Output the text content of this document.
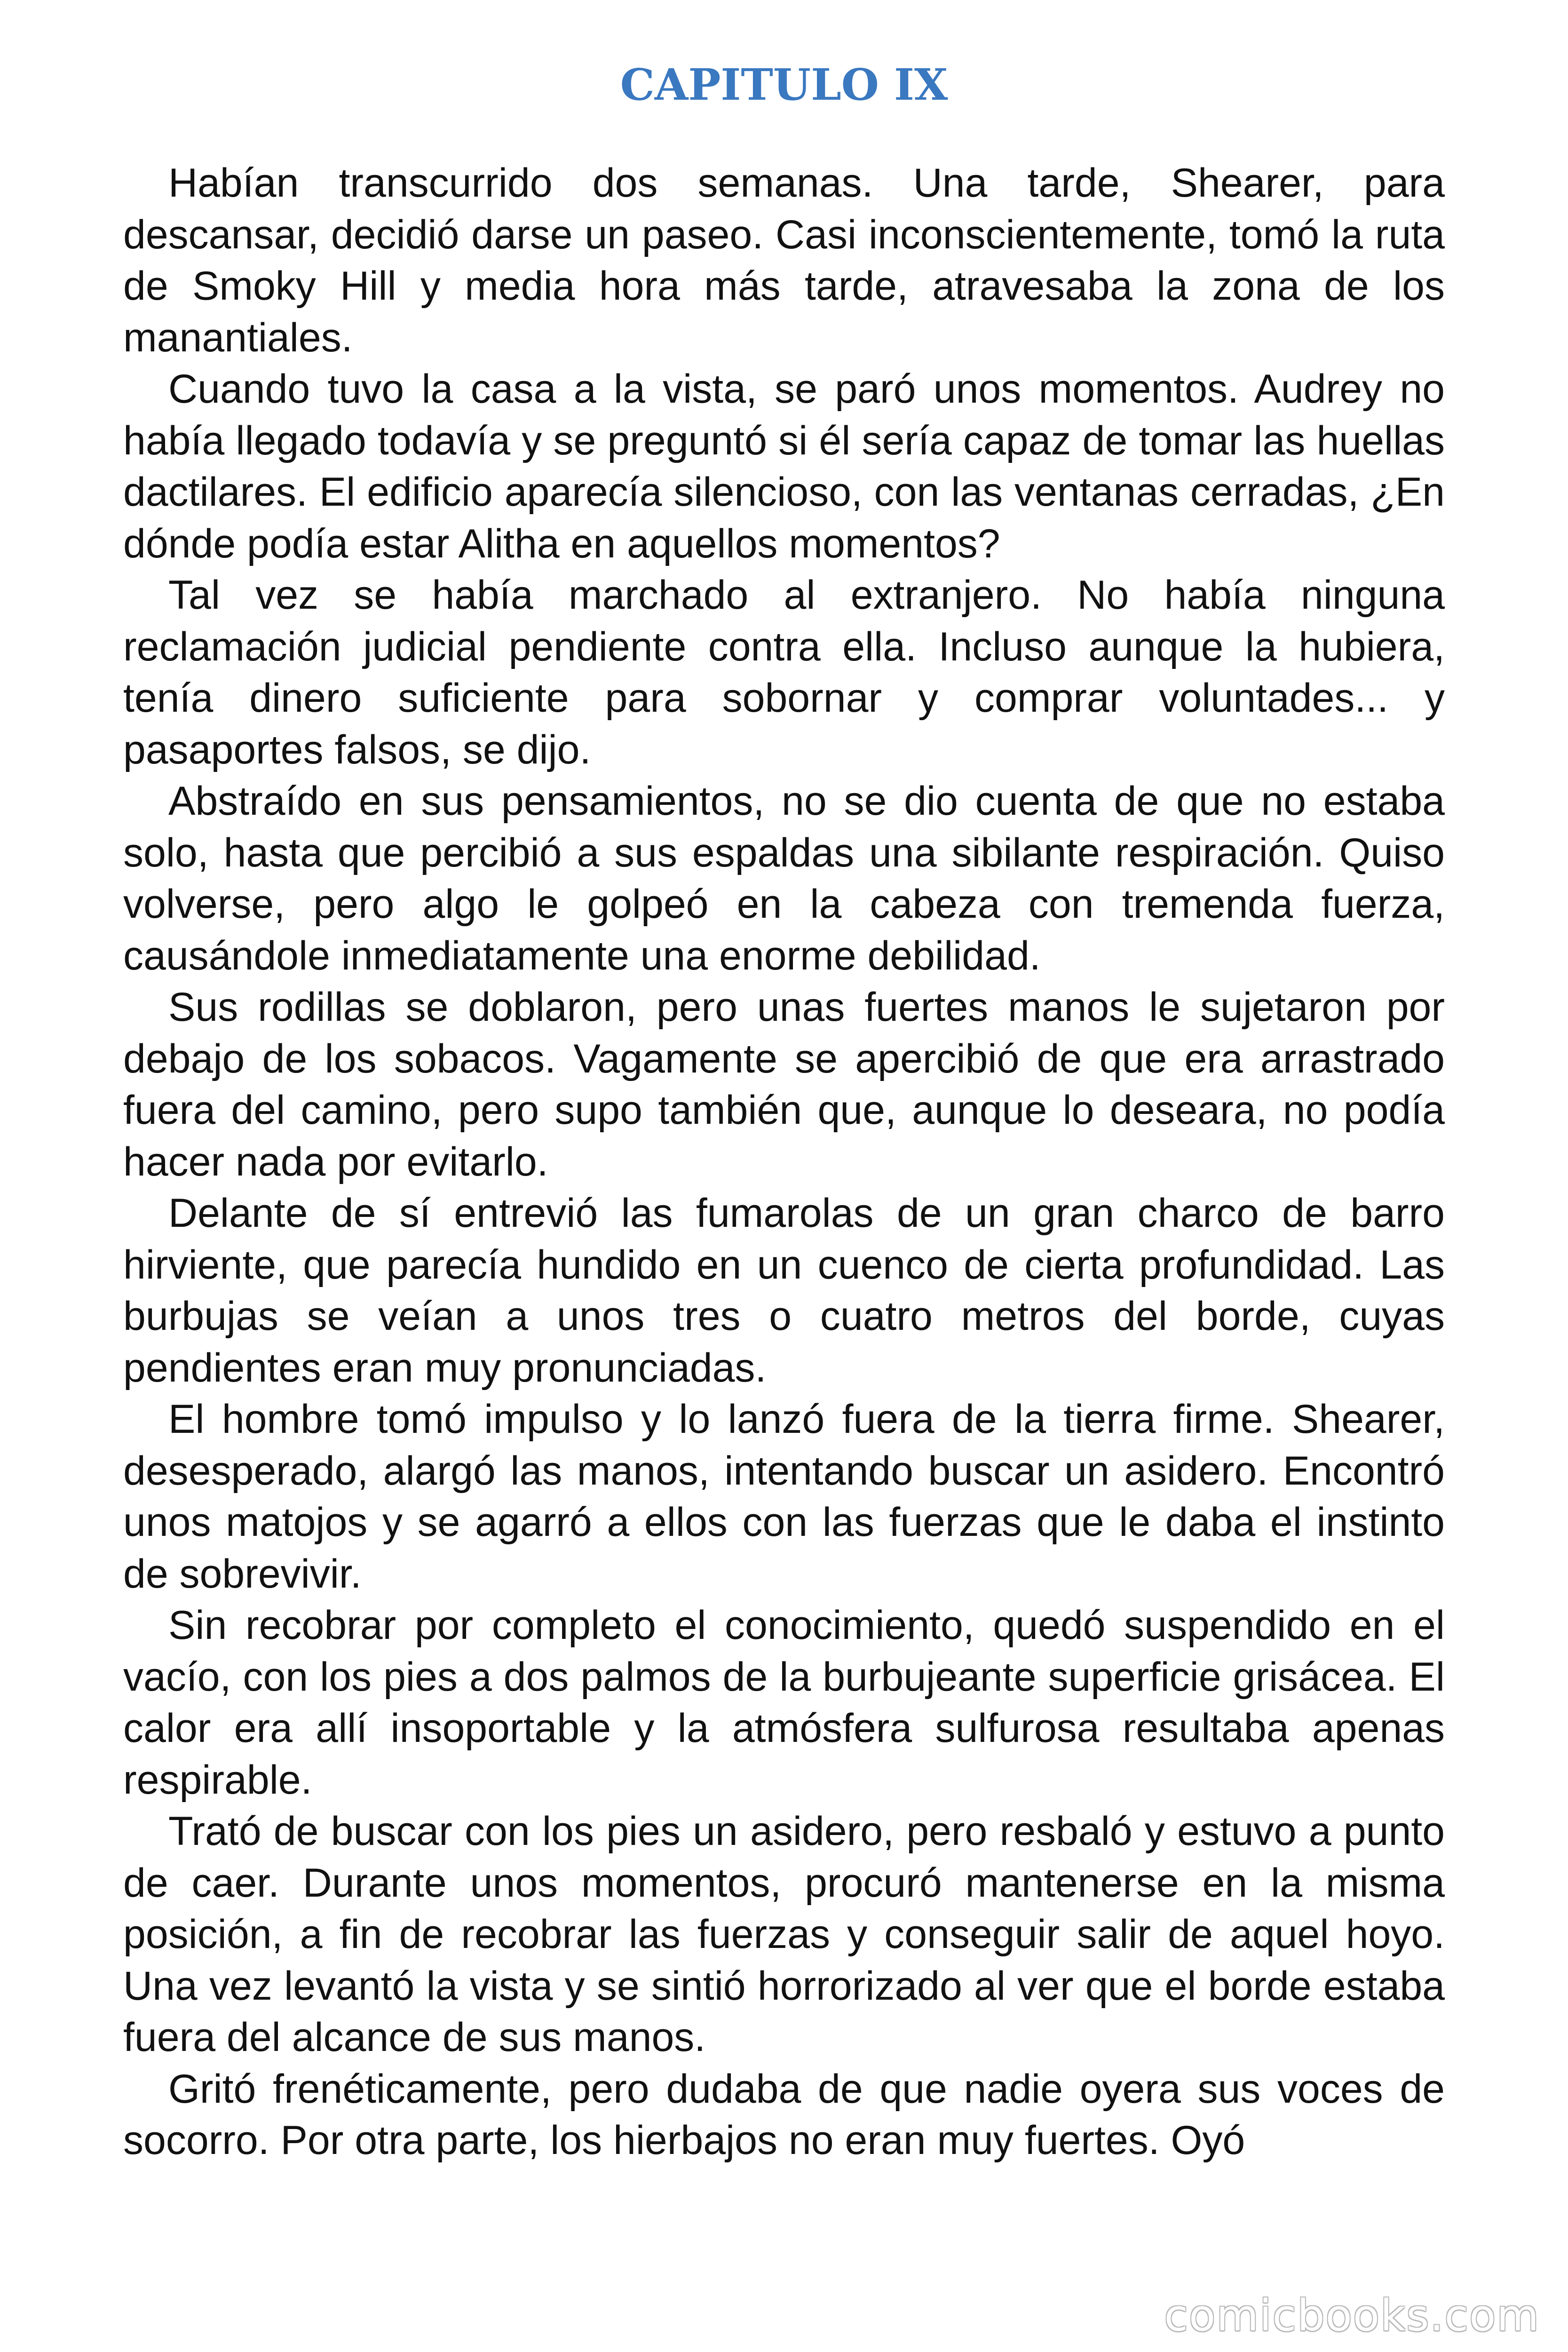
CAPITULO IX

Habían transcurrido dos semanas. Una tarde, Shearer, para descansar, decidió darse un paseo. Casi inconscientemente, tomó la ruta de Smoky Hill y media hora más tarde, atravesaba la zona de los manantiales.

Cuando tuvo la casa a la vista, se paró unos momentos. Audrey no había llegado todavía y se preguntó si él sería capaz de tomar las huellas dactilares. El edificio aparecía silencioso, con las ventanas cerradas, ¿En dónde podía estar Alitha en aquellos momentos?

Tal vez se había marchado al extranjero. No había ninguna reclamación judicial pendiente contra ella. Incluso aunque la hubiera, tenía dinero suficiente para sobornar y comprar voluntades... y pasaportes falsos, se dijo.

Abstraído en sus pensamientos, no se dio cuenta de que no estaba solo, hasta que percibió a sus espaldas una sibilante respiración. Quiso volverse, pero algo le golpeó en la cabeza con tremenda fuerza, causándole inmediatamente una enorme debilidad.

Sus rodillas se doblaron, pero unas fuertes manos le sujetaron por debajo de los sobacos. Vagamente se apercibió de que era arrastrado fuera del camino, pero supo también que, aunque lo deseara, no podía hacer nada por evitarlo.

Delante de sí entrevió las fumarolas de un gran charco de barro hirviente, que parecía hundido en un cuenco de cierta profundidad. Las burbujas se veían a unos tres o cuatro metros del borde, cuyas pendientes eran muy pronunciadas.

El hombre tomó impulso y lo lanzó fuera de la tierra firme. Shearer, desesperado, alargó las manos, intentando buscar un asidero. Encontró unos matojos y se agarró a ellos con las fuerzas que le daba el instinto de sobrevivir.

Sin recobrar por completo el conocimiento, quedó suspendido en el vacío, con los pies a dos palmos de la burbujeante superficie grisácea. El calor era allí insoportable y la atmósfera sulfurosa resultaba apenas respirable.

Trató de buscar con los pies un asidero, pero resbaló y estuvo a punto de caer. Durante unos momentos, procuró mantenerse en la misma posición, a fin de recobrar las fuerzas y conseguir salir de aquel hoyo. Una vez levantó la vista y se sintió horrorizado al ver que el borde estaba fuera del alcance de sus manos.

Gritó frenéticamente, pero dudaba de que nadie oyera sus voces de socorro. Por otra parte, los hierbajos no eran muy fuertes. Oyó

comicbooks.com
